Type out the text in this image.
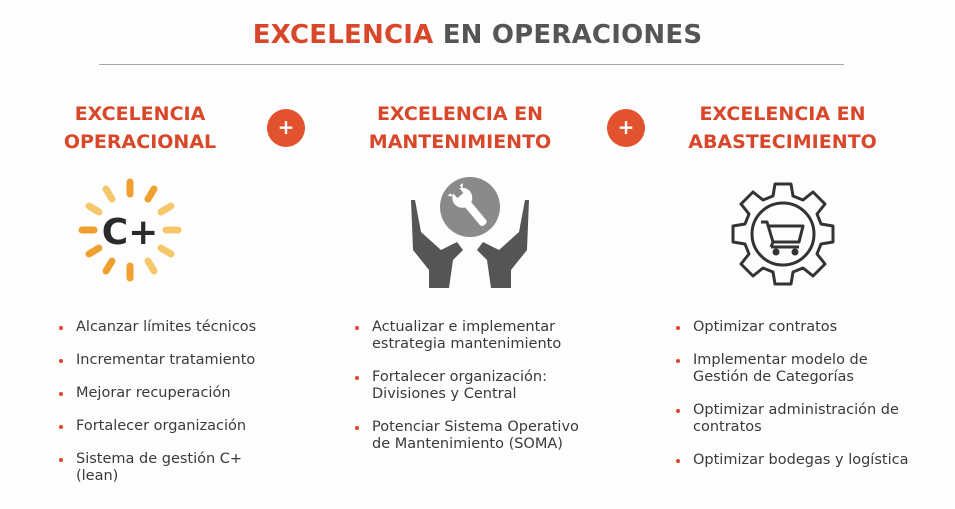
EXCELENCIA EN OPERACIONES
EXCELENCIA
OPERACIONAL
EXCELENCIA EN
MANTENIMIENTO
EXCELENCIA EN
ABASTECIMIENTO
+	+
C+
Alcanzar límites técnicos
Incrementar tratamiento
Mejorar recuperación
Fortalecer organización
Sistema de gestión C+ (lean)
Actualizar e implementar estrategia mantenimiento
Fortalecer organización: Divisiones y Central
Potenciar Sistema Operativo de Mantenimiento (SOMA)
Optimizar contratos
Implementar modelo de Gestión de Categorías
Optimizar administración de contratos
Optimizar bodegas y logística
